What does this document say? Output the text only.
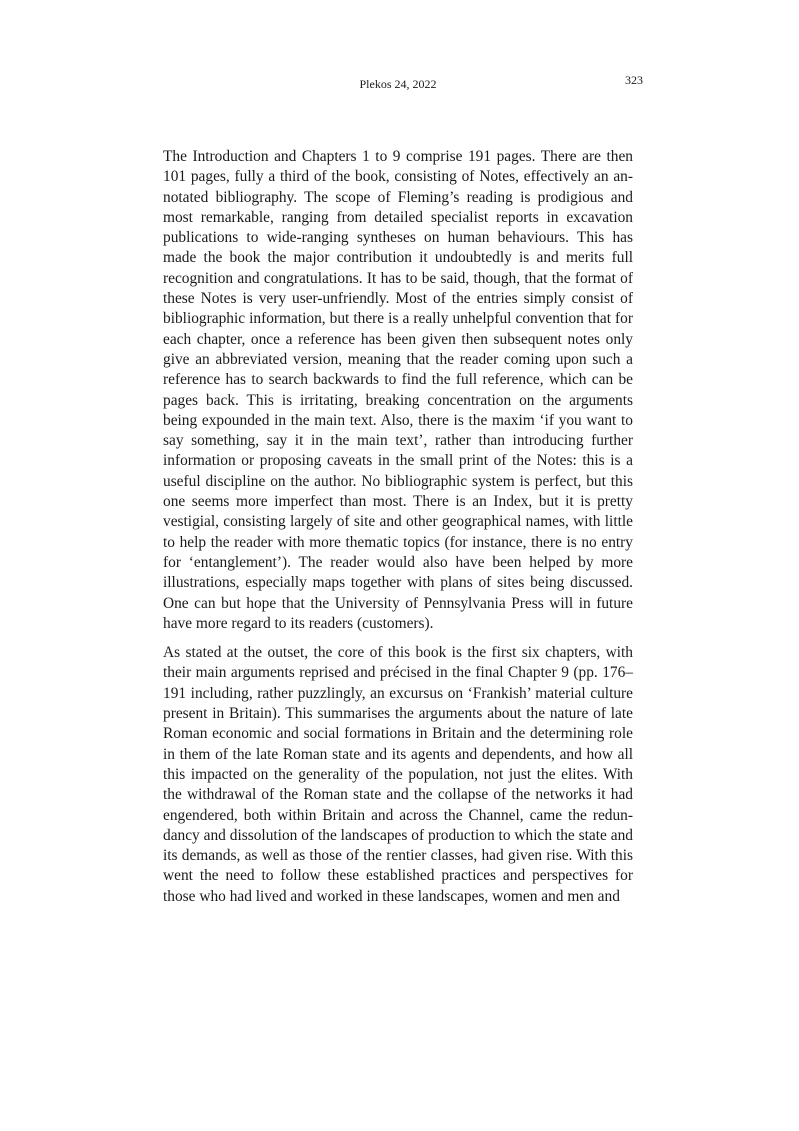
Plekos 24, 2022	323

The Introduction and Chapters 1 to 9 comprise 191 pages. There are then 101 pages, fully a third of the book, consisting of Notes, effectively an annotated bibliography. The scope of Fleming’s reading is prodigious and most remarkable, ranging from detailed specialist reports in excavation publications to wide-ranging syntheses on human behaviours. This has made the book the major contribution it undoubtedly is and merits full recognition and congratulations. It has to be said, though, that the format of these Notes is very user-unfriendly. Most of the entries simply consist of bibliographic information, but there is a really unhelpful convention that for each chapter, once a reference has been given then subsequent notes only give an abbreviated version, meaning that the reader coming upon such a reference has to search backwards to find the full reference, which can be pages back. This is irritating, breaking concentration on the arguments being expounded in the main text. Also, there is the maxim ‘if you want to say something, say it in the main text’, rather than introducing further information or proposing caveats in the small print of the Notes: this is a useful discipline on the author. No bibliographic system is perfect, but this one seems more imperfect than most. There is an Index, but it is pretty vestigial, consisting largely of site and other geographical names, with little to help the reader with more thematic topics (for instance, there is no entry for ‘entanglement’). The reader would also have been helped by more illustrations, especially maps together with plans of sites being discussed. One can but hope that the University of Pennsylvania Press will in future have more regard to its readers (customers).

As stated at the outset, the core of this book is the first six chapters, with their main arguments reprised and précised in the final Chapter 9 (pp. 176–191 including, rather puzzlingly, an excursus on ‘Frankish’ material culture present in Britain). This summarises the arguments about the nature of late Roman economic and social formations in Britain and the determining role in them of the late Roman state and its agents and dependents, and how all this impacted on the generality of the population, not just the elites. With the withdrawal of the Roman state and the collapse of the networks it had engendered, both within Britain and across the Channel, came the redundancy and dissolution of the landscapes of production to which the state and its demands, as well as those of the rentier classes, had given rise. With this went the need to follow these established practices and perspectives for those who had lived and worked in these landscapes, women and men and
